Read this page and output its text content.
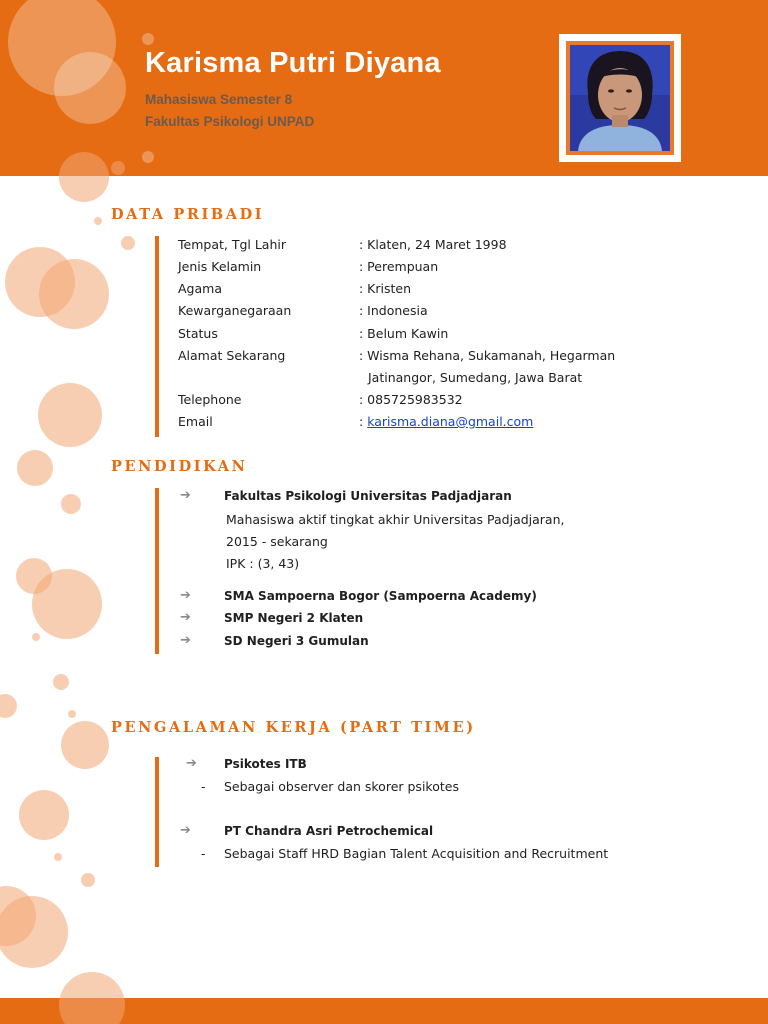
Karisma Putri Diyana
Mahasiswa Semester 8
Fakultas Psikologi UNPAD
DATA PRIBADI
Tempat, Tgl Lahir	: Klaten, 24 Maret 1998
Jenis Kelamin	: Perempuan
Agama	: Kristen
Kewarganegaraan	: Indonesia
Status	: Belum Kawin
Alamat Sekarang	: Wisma Rehana, Sukamanah, Hegarman
Jatinangor, Sumedang, Jawa Barat
Telephone	: 085725983532
Email	: karisma.diana@gmail.com
PENDIDIKAN
➔	Fakultas Psikologi Universitas Padjadjaran
Mahasiswa aktif tingkat akhir Universitas Padjadjaran,
2015 - sekarang
IPK : (3, 43)
➔	SMA Sampoerna Bogor (Sampoerna Academy)
➔	SMP Negeri 2 Klaten
➔	SD Negeri 3 Gumulan
PENGALAMAN KERJA (PART TIME)
➔ Psikotes ITB
- Sebagai observer dan skorer psikotes
➔	PT Chandra Asri Petrochemical
- Sebagai Staff HRD Bagian Talent Acquisition and Recruitment
